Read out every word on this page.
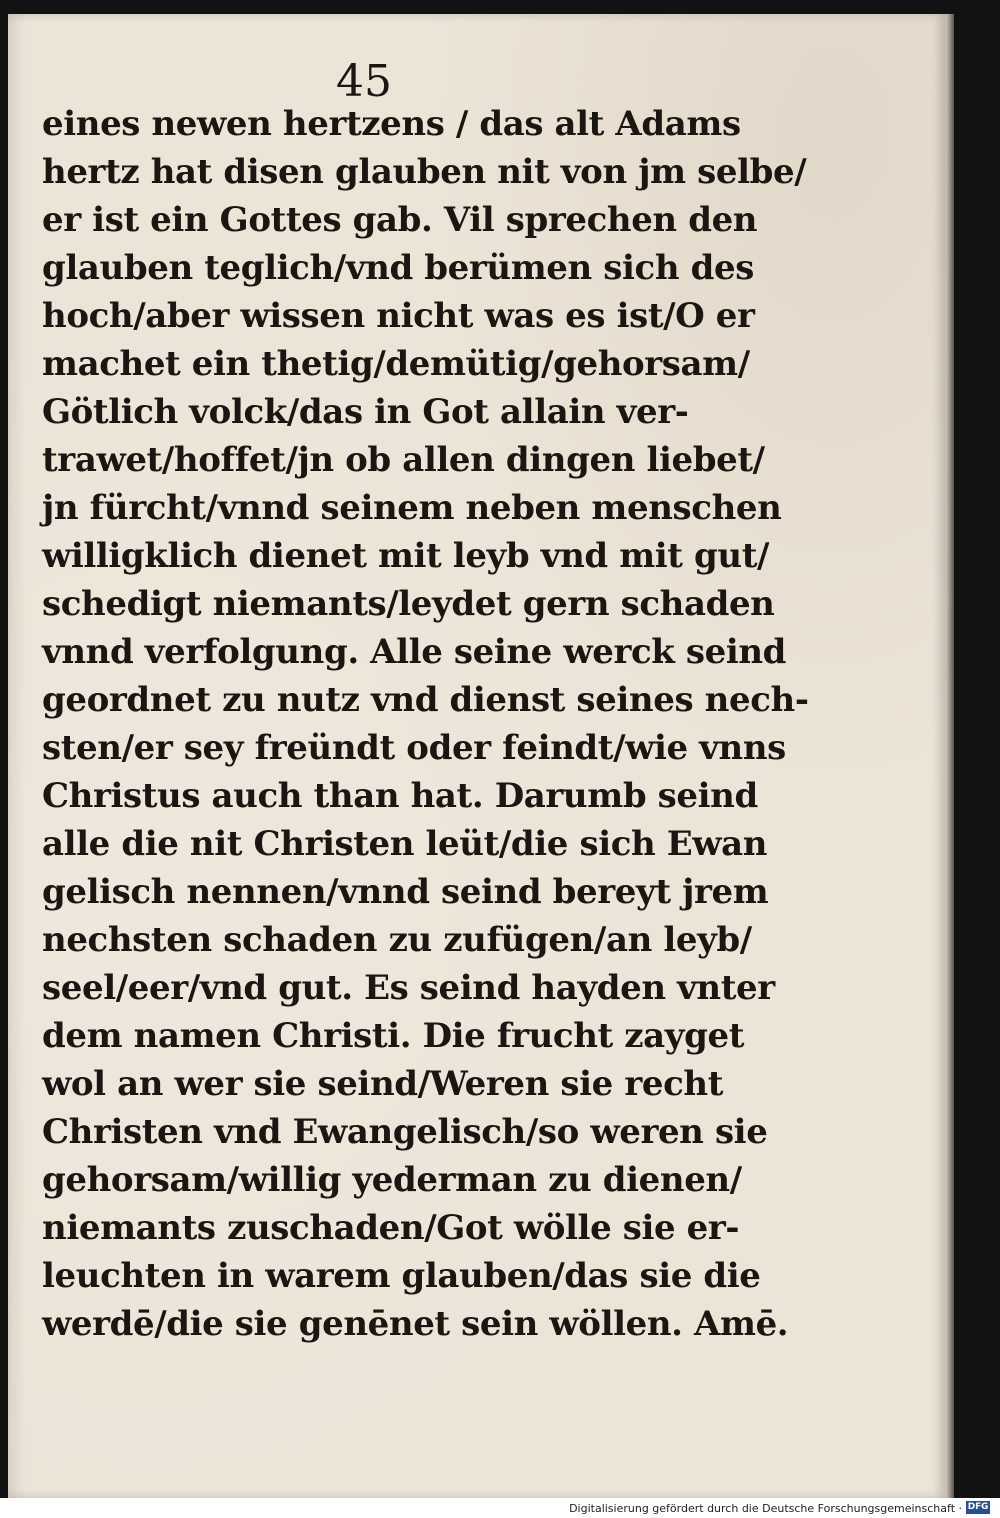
45
eines newen hertzens / das alt Adams
hertz hat disen glauben nit von jm selbe/
er ist ein Gottes gab. Vil sprechen den
glauben teglich/vnd berümen sich des
hoch/aber wissen nicht was es ist/O er
machet ein thetig/demütig/gehorsam/
Götlich volck/das in Got allain ver-
trawet/hoffet/jn ob allen dingen liebet/
jn fürcht/vnnd seinem neben menschen
willigklich dienet mit leyb vnd mit gut/
schedigt niemants/leydet gern schaden
vnnd verfolgung. Alle seine werck seind
geordnet zu nutz vnd dienst seines nech-
sten/er sey freündt oder feindt/wie vnns
Christus auch than hat. Darumb seind
alle die nit Christen leüt/die sich Ewan
gelisch nennen/vnnd seind bereyt jrem
nechsten schaden zu zufügen/an leyb/
seel/eer/vnd gut. Es seind hayden vnter
dem namen Christi. Die frucht zayget
wol an wer sie seind/Weren sie recht
Christen vnd Ewangelisch/so weren sie
gehorsam/willig yederman zu dienen/
niemants zuschaden/Got wölle sie er-
leuchten in warem glauben/das sie die
werdē/die sie genēnet sein wöllen. Amē.
Digitalisierung gefördert durch die Deutsche Forschungsgemeinschaft · DFG
